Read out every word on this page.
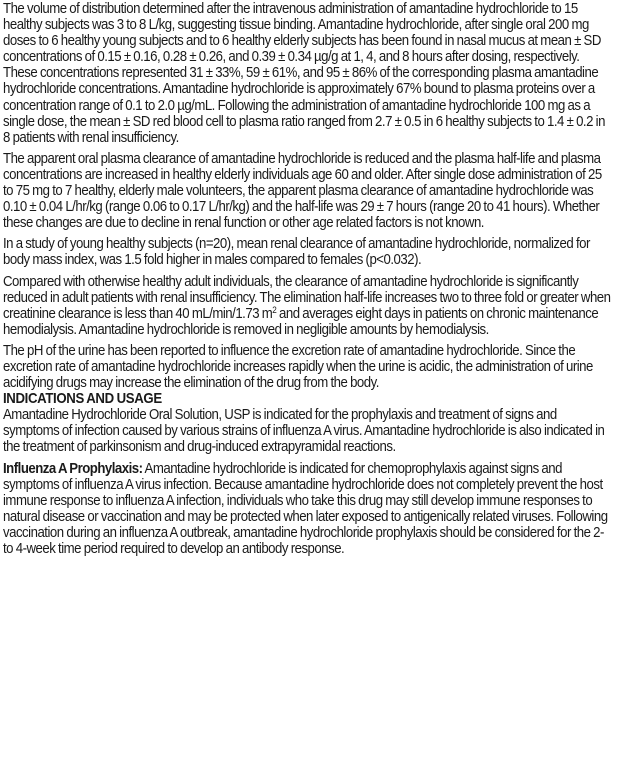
The volume of distribution determined after the intravenous administration of amantadine hydrochloride to 15 healthy subjects was 3 to 8 L/kg, suggesting tissue binding. Amantadine hydrochloride, after single oral 200 mg doses to 6 healthy young subjects and to 6 healthy elderly subjects has been found in nasal mucus at mean ± SD concentrations of 0.15 ± 0.16, 0.28 ± 0.26, and 0.39 ± 0.34 µg/g at 1, 4, and 8 hours after dosing, respectively. These concentrations represented 31 ± 33%, 59 ± 61%, and 95 ± 86% of the corresponding plasma amantadine hydrochloride concentrations. Amantadine hydrochloride is approximately 67% bound to plasma proteins over a concentration range of 0.1 to 2.0 µg/mL. Following the administration of amantadine hydrochloride 100 mg as a single dose, the mean ± SD red blood cell to plasma ratio ranged from 2.7 ± 0.5 in 6 healthy subjects to 1.4 ± 0.2 in 8 patients with renal insufficiency.

The apparent oral plasma clearance of amantadine hydrochloride is reduced and the plasma half-life and plasma concentrations are increased in healthy elderly individuals age 60 and older. After single dose administration of 25 to 75 mg to 7 healthy, elderly male volunteers, the apparent plasma clearance of amantadine hydrochloride was 0.10 ± 0.04 L/hr/kg (range 0.06 to 0.17 L/hr/kg) and the half-life was 29 ± 7 hours (range 20 to 41 hours). Whether these changes are due to decline in renal function or other age related factors is not known.

In a study of young healthy subjects (n=20), mean renal clearance of amantadine hydrochloride, normalized for body mass index, was 1.5 fold higher in males compared to females (p<0.032).

Compared with otherwise healthy adult individuals, the clearance of amantadine hydrochloride is significantly reduced in adult patients with renal insufficiency. The elimination half-life increases two to three fold or greater when creatinine clearance is less than 40 mL/min/1.73 $m^2$ and averages eight days in patients on chronic maintenance hemodialysis. Amantadine hydrochloride is removed in negligible amounts by hemodialysis.

The pH of the urine has been reported to influence the excretion rate of amantadine hydrochloride. Since the excretion rate of amantadine hydrochloride increases rapidly when the urine is acidic, the administration of urine acidifying drugs may increase the elimination of the drug from the body.

INDICATIONS AND USAGE

Amantadine Hydrochloride Oral Solution, USP is indicated for the prophylaxis and treatment of signs and symptoms of infection caused by various strains of influenza A virus. Amantadine hydrochloride is also indicated in the treatment of parkinsonism and drug-induced extrapyramidal reactions.

Influenza A Prophylaxis: Amantadine hydrochloride is indicated for chemoprophylaxis against signs and symptoms of influenza A virus infection. Because amantadine hydrochloride does not completely prevent the host immune response to influenza A infection, individuals who take this drug may still develop immune responses to natural disease or vaccination and may be protected when later exposed to antigenically related viruses. Following vaccination during an influenza A outbreak, amantadine hydrochloride prophylaxis should be considered for the 2- to 4-week time period required to develop an antibody response.
